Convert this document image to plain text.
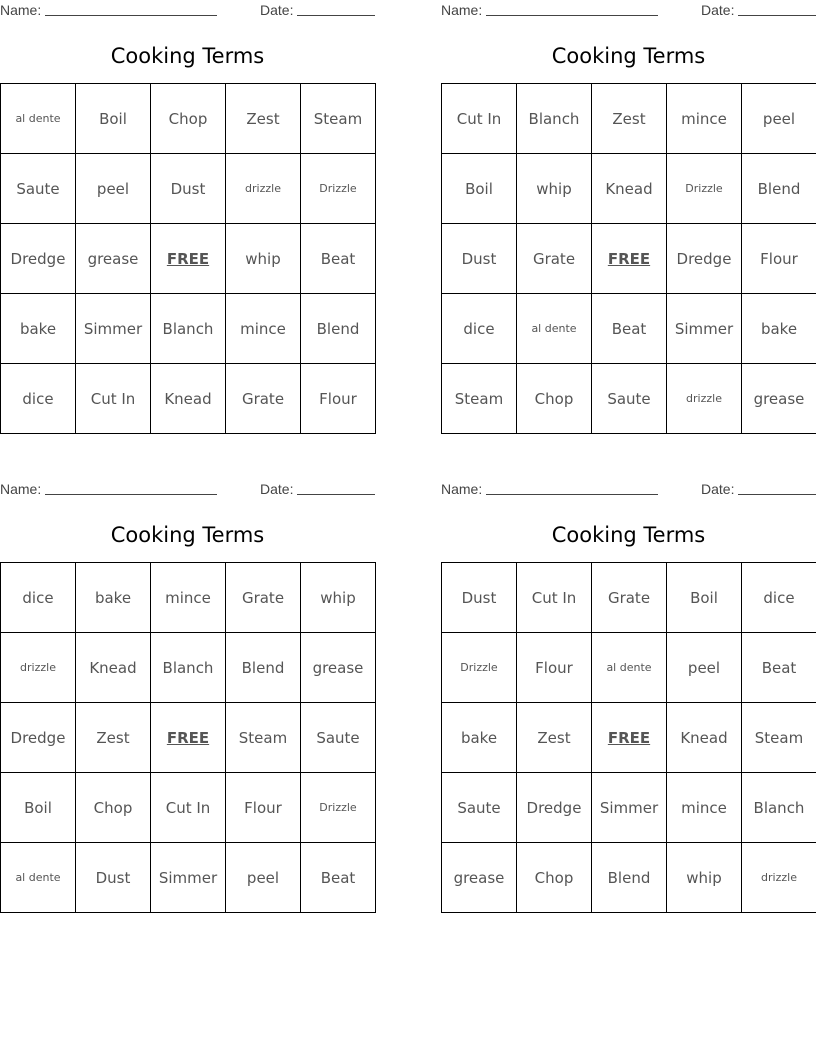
Name:	Date:
Cooking Terms
al dente	Boil	Chop	Zest	Steam
Saute	peel	Dust	drizzle	Drizzle
Dredge	grease	FREE	whip	Beat
bake	Simmer	Blanch	mince	Blend
dice	Cut In	Knead	Grate	Flour
Name:	Date:
Cooking Terms
Cut In	Blanch	Zest	mince	peel
Boil	whip	Knead	Drizzle	Blend
Dust	Grate	FREE	Dredge	Flour
dice	al dente	Beat	Simmer	bake
Steam	Chop	Saute	drizzle	grease
Name:	Date:
Cooking Terms
dice	bake	mince	Grate	whip
drizzle	Knead	Blanch	Blend	grease
Dredge	Zest	FREE	Steam	Saute
Boil	Chop	Cut In	Flour	Drizzle
al dente	Dust	Simmer	peel	Beat
Name:	Date:
Cooking Terms
Dust	Cut In	Grate	Boil	dice
Drizzle	Flour	al dente	peel	Beat
bake	Zest	FREE	Knead	Steam
Saute	Dredge	Simmer	mince	Blanch
grease	Chop	Blend	whip	drizzle
